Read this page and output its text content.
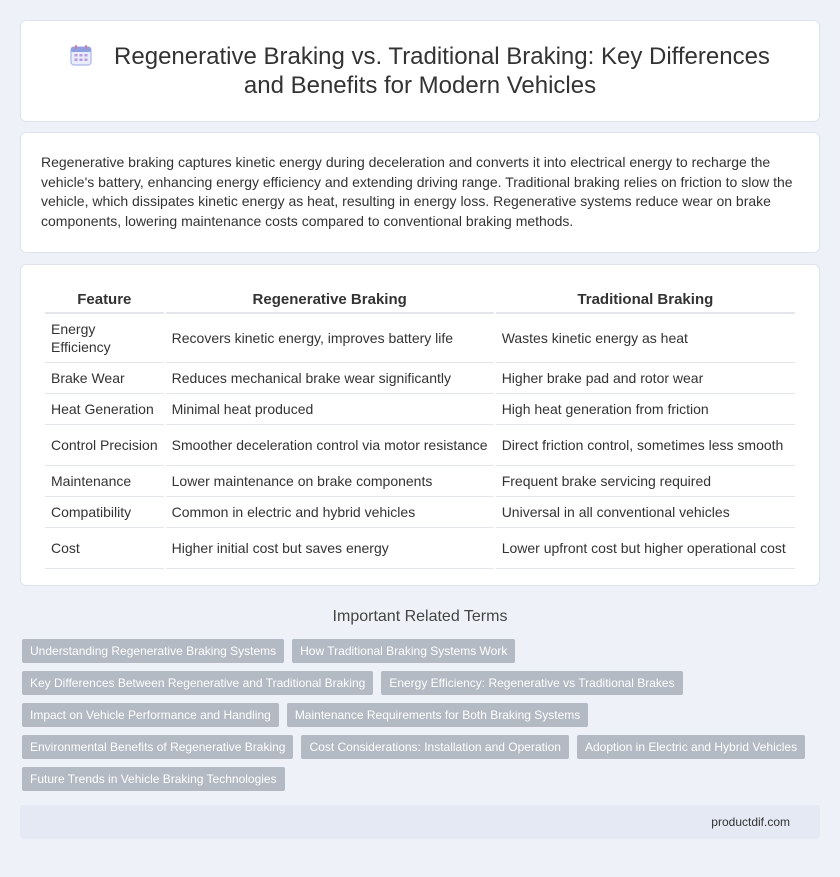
Regenerative Braking vs. Traditional Braking: Key Differences and Benefits for Modern Vehicles

Regenerative braking captures kinetic energy during deceleration and converts it into electrical energy to recharge the vehicle's battery, enhancing energy efficiency and extending driving range. Traditional braking relies on friction to slow the vehicle, which dissipates kinetic energy as heat, resulting in energy loss. Regenerative systems reduce wear on brake components, lowering maintenance costs compared to conventional braking methods.

Feature	Regenerative Braking	Traditional Braking
Energy Efficiency	Recovers kinetic energy, improves battery life	Wastes kinetic energy as heat
Brake Wear	Reduces mechanical brake wear significantly	Higher brake pad and rotor wear
Heat Generation	Minimal heat produced	High heat generation from friction
Control Precision	Smoother deceleration control via motor resistance	Direct friction control, sometimes less smooth
Maintenance	Lower maintenance on brake components	Frequent brake servicing required
Compatibility	Common in electric and hybrid vehicles	Universal in all conventional vehicles
Cost	Higher initial cost but saves energy	Lower upfront cost but higher operational cost
Important Related Terms
Understanding Regenerative Braking Systems	How Traditional Braking Systems Work
Key Differences Between Regenerative and Traditional Braking	Energy Efficiency: Regenerative vs Traditional Brakes
Impact on Vehicle Performance and Handling	Maintenance Requirements for Both Braking Systems
Environmental Benefits of Regenerative Braking	Cost Considerations: Installation and Operation	Adoption in Electric and Hybrid Vehicles
Future Trends in Vehicle Braking Technologies
productdif.com
